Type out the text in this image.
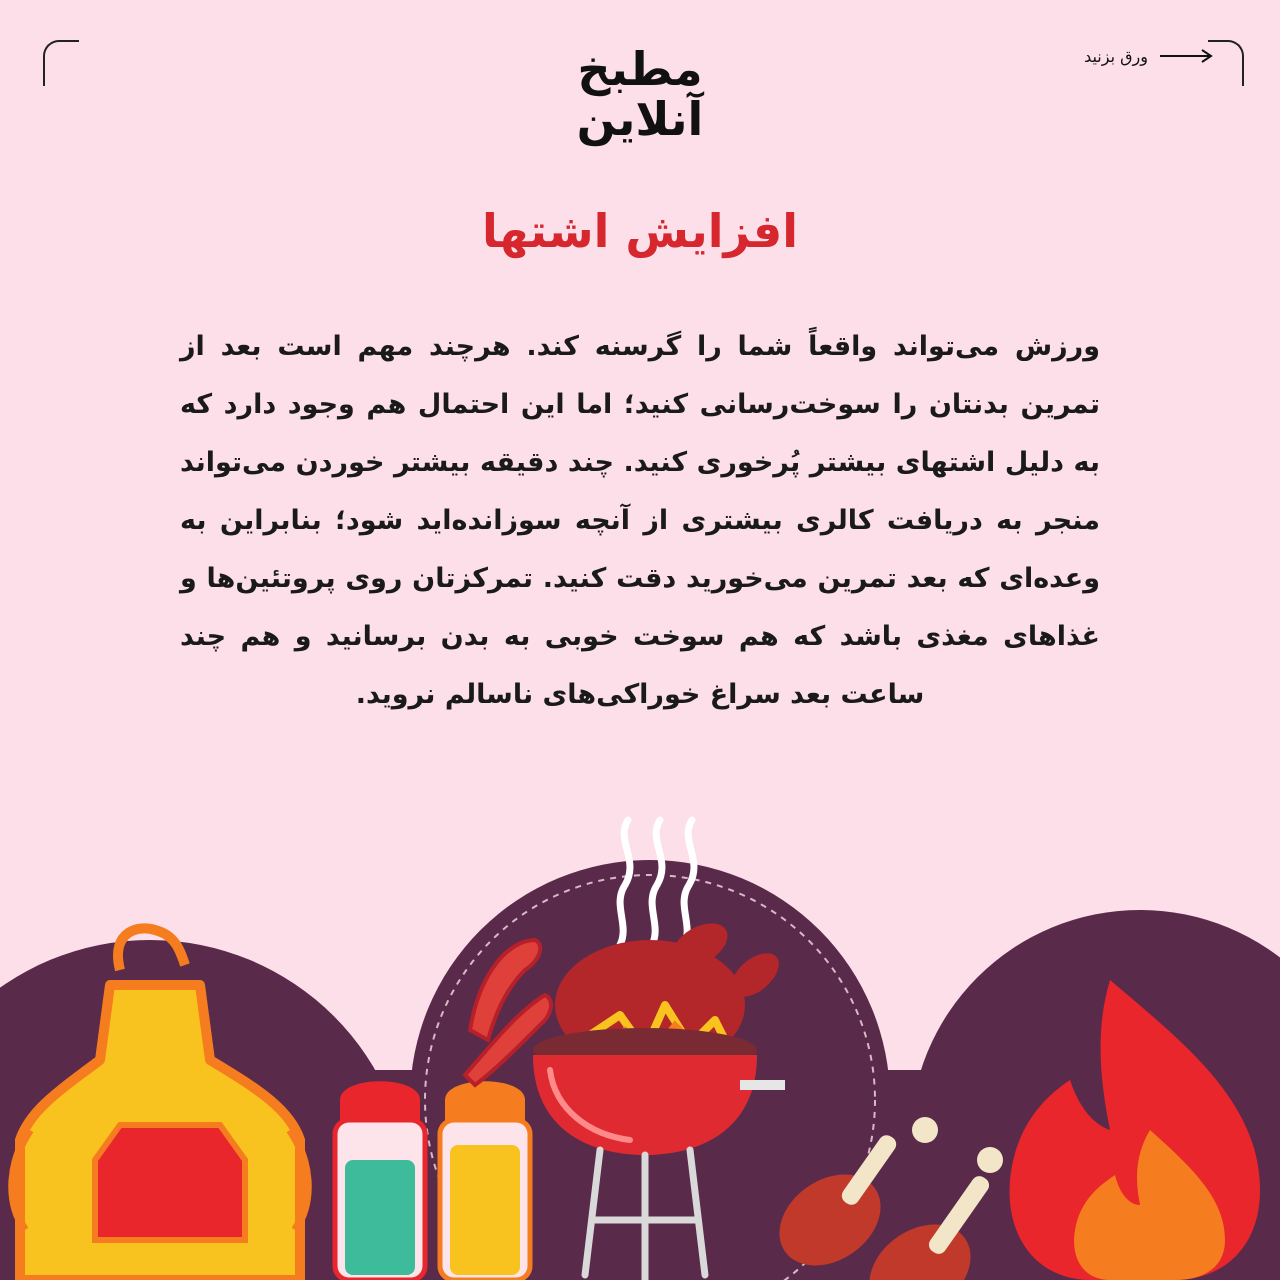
ورق بزنید
مطبخ
آنلاین
افزایش اشتها
ورزش می‌تواند واقعاً شما را گرسنه کند. هرچند مهم است بعد از تمرین بدنتان را سوخت‌رسانی کنید؛ اما این احتمال هم وجود دارد که به دلیل اشتهای بیشتر پُرخوری کنید. چند دقیقه بیشتر خوردن می‌تواند منجر به دریافت کالری بیشتری از آنچه سوزانده‌اید شود؛ بنابراین به وعده‌ای که بعد تمرین می‌خورید دقت کنید. تمرکزتان روی پروتئین‌ها و غذاهای مغذی باشد که هم سوخت خوبی به بدن برسانید و هم چند ساعت بعد سراغ خوراکی‌های ناسالم نروید.
